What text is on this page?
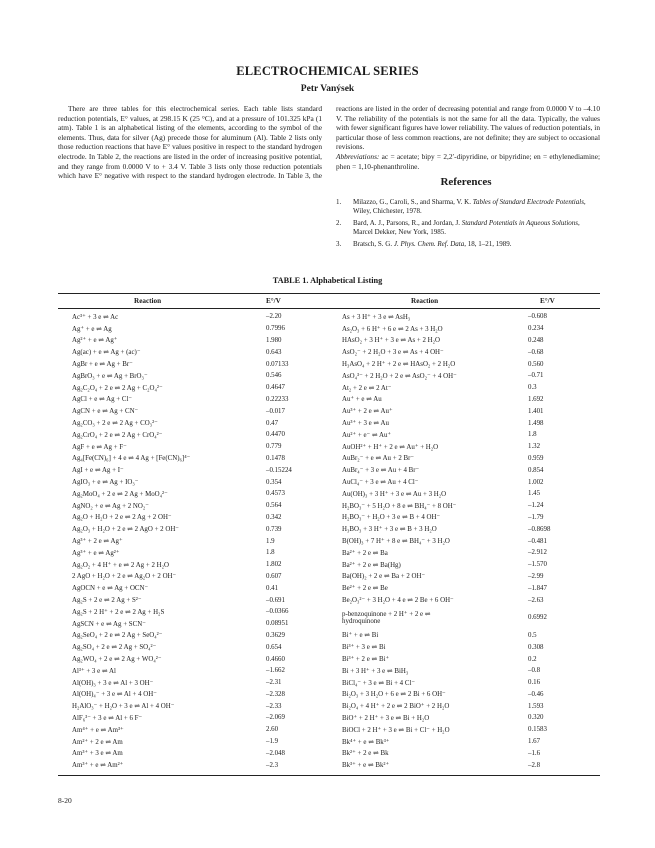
ELECTROCHEMICAL SERIES
Petr Vanýsek

There are three tables for this electrochemical series. Each table lists standard reduction potentials, E° values, at 298.15 K (25 °C), and at a pressure of 101.325 kPa (1 atm). Table 1 is an alphabetical listing of the elements, according to the symbol of the elements. Thus, data for silver (Ag) precede those for aluminum (Al). Table 2 lists only those reduction reactions that have E° values positive in respect to the standard hydrogen electrode. In Table 2, the reactions are listed in the order of increasing positive potential, and they range from 0.0000 V to + 3.4 V. Table 3 lists only those reduction potentials which have E° negative with respect to the standard hydrogen electrode. In Table 3, the reactions are listed in the order of decreasing potential and range from 0.0000 V to –4.10 V. The reliability of the potentials is not the same for all the data. Typically, the values with fewer significant figures have lower reliability. The values of reduction potentials, in particular those of less common reactions, are not definite; they are subject to occasional revisions.

Abbreviations: ac = acetate; bipy = 2,2′-dipyridine, or bipyridine; en = ethylenediamine; phen = 1,10-phenanthroline.

References
1.	Milazzo, G., Caroli, S., and Sharma, V. K. Tables of Standard Electrode Potentials, Wiley, Chichester, 1978.
2.	Bard, A. J., Parsons, R., and Jordan, J. Standard Potentials in Aqueous Solutions, Marcel Dekker, New York, 1985.
3.	Bratsch, S. G. J. Phys. Chem. Ref. Data, 18, 1–21, 1989.
TABLE 1. Alphabetical Listing
Reaction	E°/V	Reaction	E°/V
Ac³⁺ + 3 e ⇌ Ac	–2.20
Ag⁺ + e ⇌ Ag	0.7996
Ag²⁺ + e ⇌ Ag⁺	1.980
Ag(ac) + e ⇌ Ag + (ac)⁻	0.643
AgBr + e ⇌ Ag + Br⁻	0.07133
AgBrO₃ + e ⇌ Ag + BrO₃⁻	0.546
Ag₂C₂O₄ + 2 e ⇌ 2 Ag + C₂O₄²⁻	0.4647
AgCl + e ⇌ Ag + Cl⁻	0.22233
AgCN + e ⇌ Ag + CN⁻	–0.017
Ag₂CO₃ + 2 e ⇌ 2 Ag + CO₃²⁻	0.47
Ag₂CrO₄ + 2 e ⇌ 2 Ag + CrO₄²⁻	0.4470
AgF + e ⇌ Ag + F⁻	0.779
Ag₄[Fe(CN)₆] + 4 e ⇌ 4 Ag + [Fe(CN)₆]⁴⁻	0.1478
AgI + e ⇌ Ag + I⁻	–0.15224
AgIO₃ + e ⇌ Ag + IO₃⁻	0.354
Ag₂MoO₄ + 2 e ⇌ 2 Ag + MoO₄²⁻	0.4573
AgNO₂ + e ⇌ Ag + 2 NO₂⁻	0.564
Ag₂O + H₂O + 2 e ⇌ 2 Ag + 2 OH⁻	0.342
Ag₂O₃ + H₂O + 2 e ⇌ 2 AgO + 2 OH⁻	0.739
Ag³⁺ + 2 e ⇌ Ag⁺	1.9
Ag³⁺ + e ⇌ Ag²⁺	1.8
Ag₂O₂ + 4 H⁺ + e ⇌ 2 Ag + 2 H₂O	1.802
2 AgO + H₂O + 2 e ⇌ Ag₂O + 2 OH⁻	0.607
AgOCN + e ⇌ Ag + OCN⁻	0.41
Ag₂S + 2 e ⇌ 2 Ag + S²⁻	–0.691
Ag₂S + 2 H⁺ + 2 e ⇌ 2 Ag + H₂S	–0.0366
AgSCN + e ⇌ Ag + SCN⁻	0.08951
Ag₂SeO₄ + 2 e ⇌ 2 Ag + SeO₄²⁻	0.3629
Ag₂SO₄ + 2 e ⇌ 2 Ag + SO₄²⁻	0.654
Ag₂WO₄ + 2 e ⇌ 2 Ag + WO₄²⁻	0.4660
Al³⁺ + 3 e ⇌ Al	–1.662
Al(OH)₃ + 3 e ⇌ Al + 3 OH⁻	–2.31
Al(OH)₄⁻ + 3 e ⇌ Al + 4 OH⁻	–2.328
H₂AlO₃⁻ + H₂O + 3 e ⇌ Al + 4 OH⁻	–2.33
AlF₆³⁻ + 3 e ⇌ Al + 6 F⁻	–2.069
Am⁴⁺ + e ⇌ Am³⁺	2.60
Am²⁺ + 2 e ⇌ Am	–1.9
Am³⁺ + 3 e ⇌ Am	–2.048
Am³⁺ + e ⇌ Am²⁺	–2.3
As + 3 H⁺ + 3 e ⇌ AsH₃	–0.608
As₂O₃ + 6 H⁺ + 6 e ⇌ 2 As + 3 H₂O	0.234
HAsO₂ + 3 H⁺ + 3 e ⇌ As + 2 H₂O	0.248
AsO₂⁻ + 2 H₂O + 3 e ⇌ As + 4 OH⁻	–0.68
H₃AsO₄ + 2 H⁺ + 2 e ⇌ HAsO₂ + 2 H₂O	0.560
AsO₄³⁻ + 2 H₂O + 2 e ⇌ AsO₂⁻ + 4 OH⁻	–0.71
At₂ + 2 e ⇌ 2 At⁻	0.3
Au⁺ + e ⇌ Au	1.692
Au³⁺ + 2 e ⇌ Au⁺	1.401
Au³⁺ + 3 e ⇌ Au	1.498
Au²⁺ + e⁻ ⇌ Au⁺	1.8
AuOH²⁺ + H⁺ + 2 e ⇌ Au⁺ + H₂O	1.32
AuBr₂⁻ + e ⇌ Au + 2 Br⁻	0.959
AuBr₄⁻ + 3 e ⇌ Au + 4 Br⁻	0.854
AuCl₄⁻ + 3 e ⇌ Au + 4 Cl⁻	1.002
Au(OH)₃ + 3 H⁺ + 3 e ⇌ Au + 3 H₂O	1.45
H₂BO₃⁻ + 5 H₂O + 8 e ⇌ BH₄⁻ + 8 OH⁻	–1.24
H₂BO₃⁻ + H₂O + 3 e ⇌ B + 4 OH⁻	–1.79
H₃BO₃ + 3 H⁺ + 3 e ⇌ B + 3 H₂O	–0.8698
B(OH)₃ + 7 H⁺ + 8 e ⇌ BH₄⁻ + 3 H₂O	–0.481
Ba²⁺ + 2 e ⇌ Ba	–2.912
Ba²⁺ + 2 e ⇌ Ba(Hg)	–1.570
Ba(OH)₂ + 2 e ⇌ Ba + 2 OH⁻	–2.99
Be²⁺ + 2 e ⇌ Be	–1.847
Be₂O₃²⁻ + 3 H₂O + 4 e ⇌ 2 Be + 6 OH⁻	–2.63
p-benzoquinone + 2 H⁺ + 2 e ⇌
hydroquinone
0.6992
Bi⁺ + e ⇌ Bi	0.5
Bi³⁺ + 3 e ⇌ Bi	0.308
Bi³⁺ + 2 e ⇌ Bi⁺	0.2
Bi + 3 H⁺ + 3 e ⇌ BiH₃	–0.8
BiCl₄⁻ + 3 e ⇌ Bi + 4 Cl⁻	0.16
Bi₂O₃ + 3 H₂O + 6 e ⇌ 2 Bi + 6 OH⁻	–0.46
Bi₂O₄ + 4 H⁺ + 2 e ⇌ 2 BiO⁺ + 2 H₂O	1.593
BiO⁺ + 2 H⁺ + 3 e ⇌ Bi + H₂O	0.320
BiOCl + 2 H⁺ + 3 e ⇌ Bi + Cl⁻ + H₂O	0.1583
Bk⁴⁺ + e ⇌ Bk³⁺	1.67
Bk²⁺ + 2 e ⇌ Bk	–1.6
Bk³⁺ + e ⇌ Bk²⁺	–2.8
8-20
